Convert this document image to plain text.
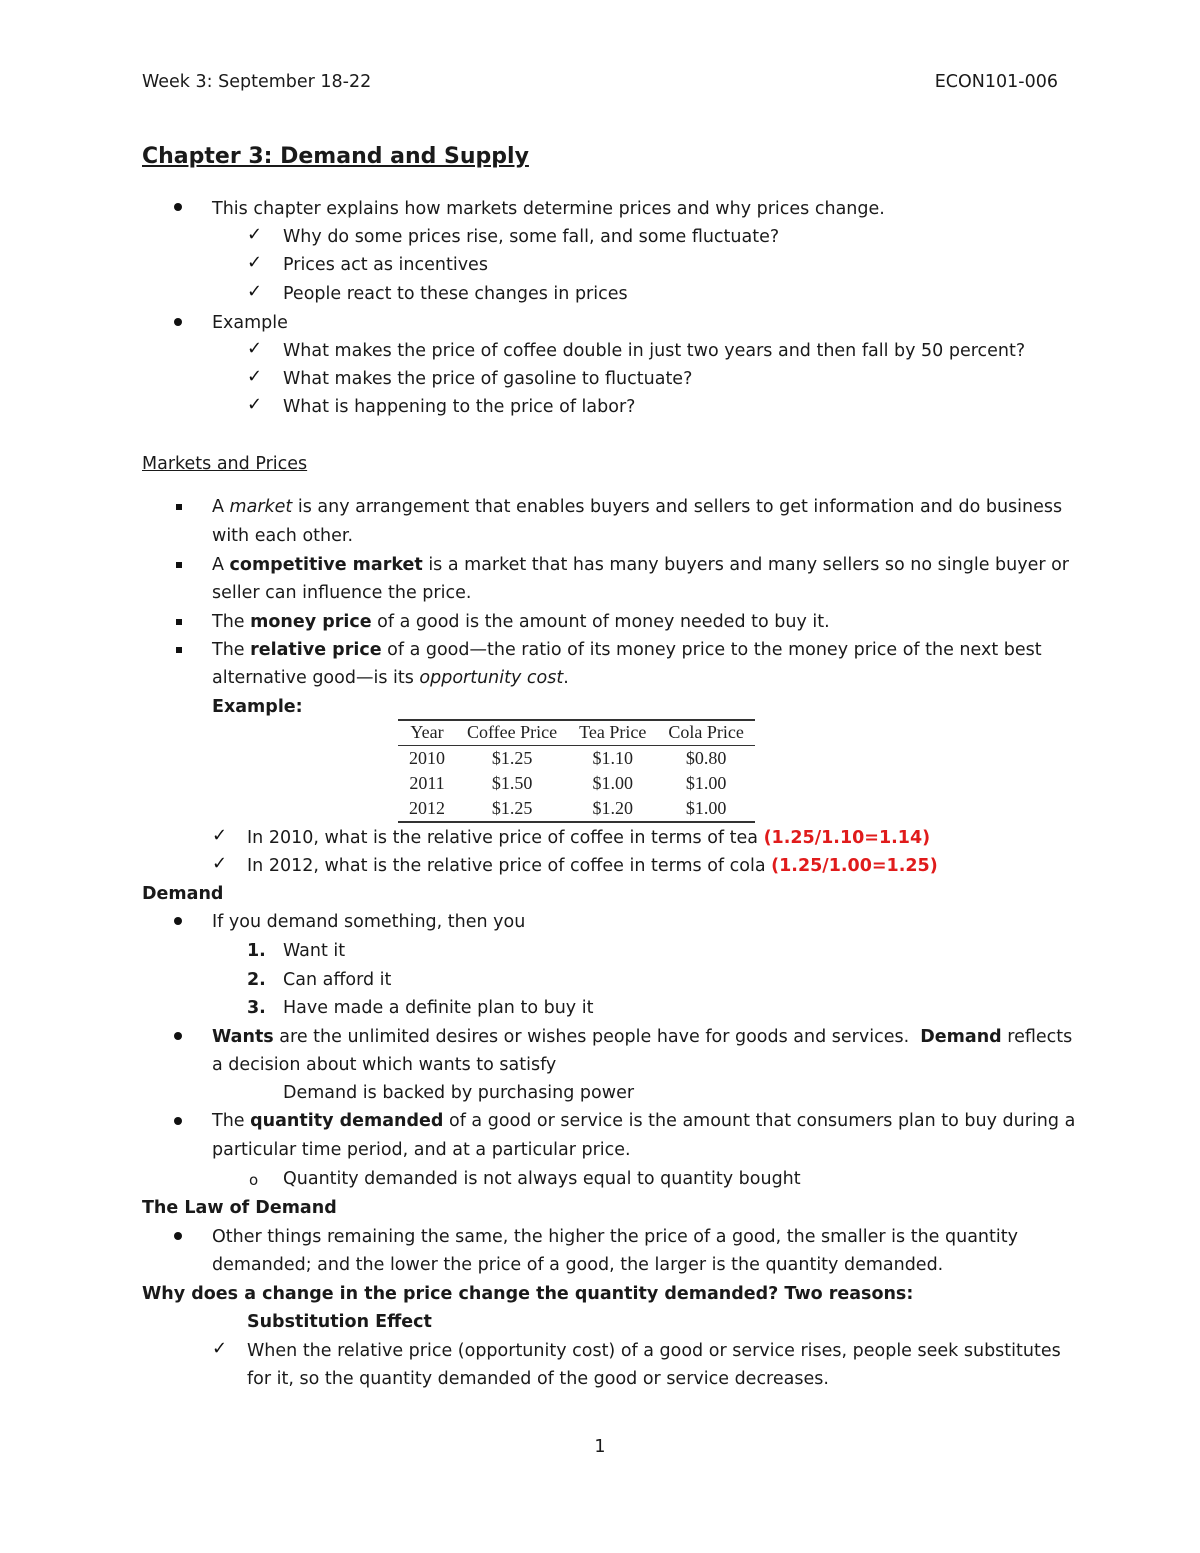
Week 3: September 18-22	ECON101-006
Chapter 3: Demand and Supply
This chapter explains how markets determine prices and why prices change.
✓ Why do some prices rise, some fall, and some fluctuate?
✓ Prices act as incentives
✓ People react to these changes in prices
Example
✓ What makes the price of coffee double in just two years and then fall by 50 percent?
✓ What makes the price of gasoline to fluctuate?
✓ What is happening to the price of labor?
Markets and Prices
A market is any arrangement that enables buyers and sellers to get information and do business
with each other.
A competitive market is a market that has many buyers and many sellers so no single buyer or
seller can influence the price.
The money price of a good is the amount of money needed to buy it.
The relative price of a good—the ratio of its money price to the money price of the next best
alternative good—is its opportunity cost.
Example:
Year	Coffee Price	Tea Price	Cola Price
2010	$1.25	$1.10	$0.80
2011	$1.50	$1.00	$1.00
2012	$1.25	$1.20	$1.00
✓ In 2010, what is the relative price of coffee in terms of tea (1.25/1.10=1.14)
✓ In 2012, what is the relative price of coffee in terms of cola (1.25/1.00=1.25)
Demand
If you demand something, then you
1. Want it
2. Can afford it
3. Have made a definite plan to buy it
Wants are the unlimited desires or wishes people have for goods and services.  Demand reflects
a decision about which wants to satisfy
Demand is backed by purchasing power
The quantity demanded of a good or service is the amount that consumers plan to buy during a
particular time period, and at a particular price.
o Quantity demanded is not always equal to quantity bought
The Law of Demand
Other things remaining the same, the higher the price of a good, the smaller is the quantity
demanded; and the lower the price of a good, the larger is the quantity demanded.
Why does a change in the price change the quantity demanded? Two reasons:
Substitution Effect
✓ When the relative price (opportunity cost) of a good or service rises, people seek substitutes
for it, so the quantity demanded of the good or service decreases.
1
